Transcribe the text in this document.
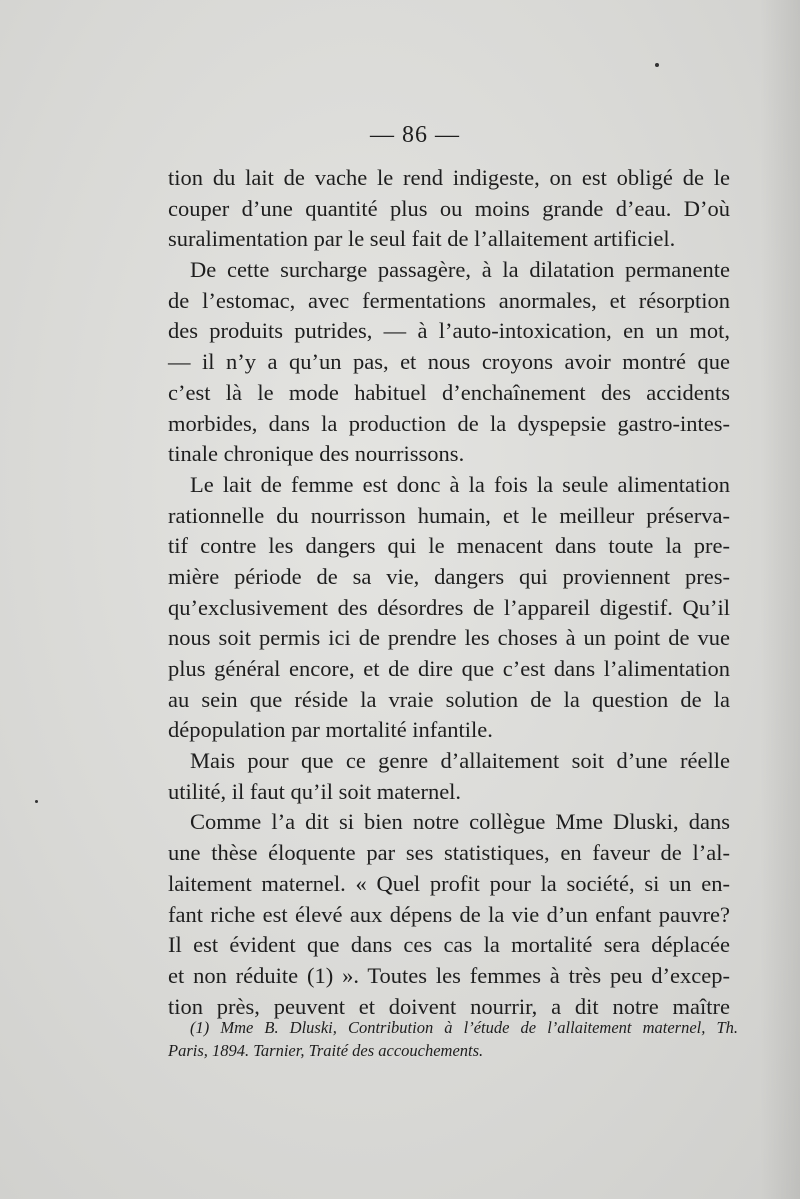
— 86 —
tion du lait de vache le rend indigeste, on est obligé de le
couper d’une quantité plus ou moins grande d’eau. D’où
suralimentation par le seul fait de l’allaitement artificiel.
De cette surcharge passagère, à la dilatation permanente
de l’estomac, avec fermentations anormales, et résorption
des produits putrides, — à l’auto-intoxication, en un mot,
— il n’y a qu’un pas, et nous croyons avoir montré que
c’est là le mode habituel d’enchaînement des accidents
morbides, dans la production de la dyspepsie gastro-intes-
tinale chronique des nourrissons.
Le lait de femme est donc à la fois la seule alimentation
rationnelle du nourrisson humain, et le meilleur préserva-
tif contre les dangers qui le menacent dans toute la pre-
mière période de sa vie, dangers qui proviennent pres-
qu’exclusivement des désordres de l’appareil digestif. Qu’il
nous soit permis ici de prendre les choses à un point de vue
plus général encore, et de dire que c’est dans l’alimentation
au sein que réside la vraie solution de la question de la
dépopulation par mortalité infantile.
Mais pour que ce genre d’allaitement soit d’une réelle
utilité, il faut qu’il soit maternel.
Comme l’a dit si bien notre collègue Mme Dluski, dans
une thèse éloquente par ses statistiques, en faveur de l’al-
laitement maternel. « Quel profit pour la société, si un en-
fant riche est élevé aux dépens de la vie d’un enfant pauvre?
Il est évident que dans ces cas la mortalité sera déplacée
et non réduite (1) ». Toutes les femmes à très peu d’excep-
tion près, peuvent et doivent nourrir, a dit notre maître
(1) Mme B. Dluski, Contribution à l’étude de l’allaitement maternel, Th.
Paris, 1894. Tarnier, Traité des accouchements.
